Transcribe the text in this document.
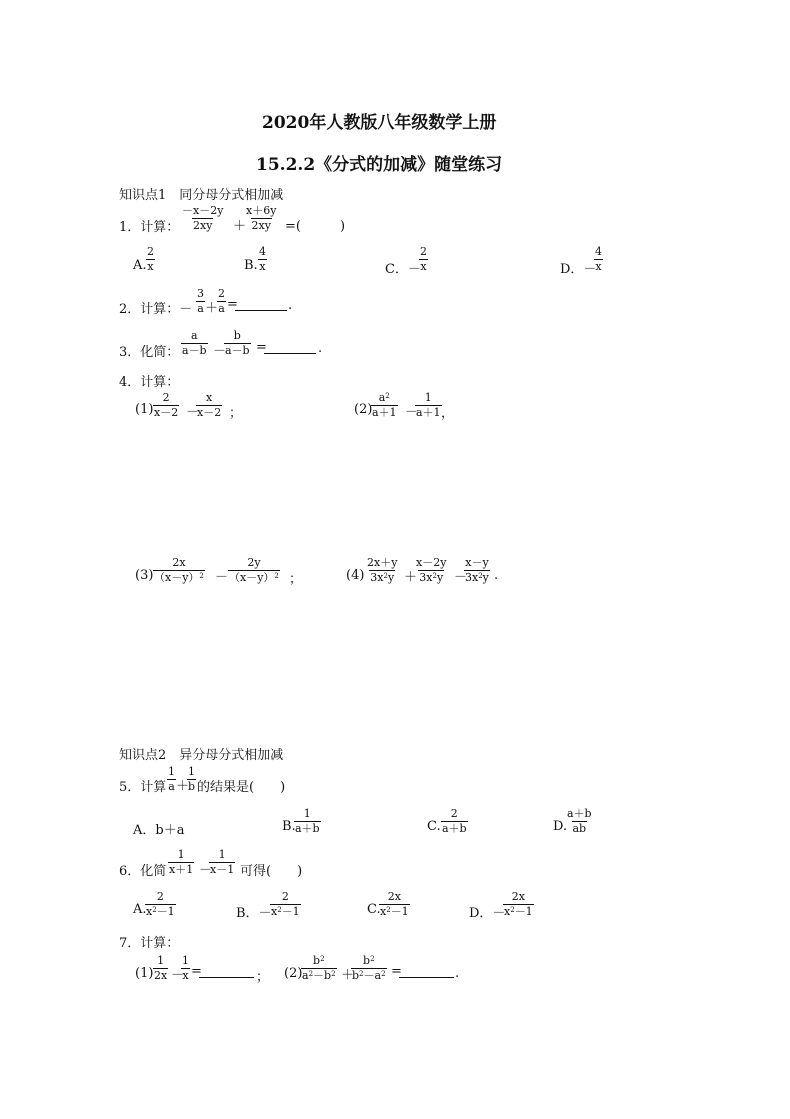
2020年人教版八年级数学上册
15.2.2《分式的加减》随堂练习
知识点1　同分母分式相加减
1．计算： $\frac{-x-2y}{2xy}$ ＋
$\frac{x+6y}{2xy}$ =(　　　)
A. $\frac{2}{x}$	B. $\frac{4}{x}$	C．－
$\frac{2}{x}$	D．－
$\frac{4}{x}$
2．计算：－ $\frac{3}{a}$ ＋
$\frac{2}{a}$ =	.
3．化简： $\frac{a}{a-b}$ －
$\frac{b}{a-b}$ =	.
4．计算：
$(1) \frac{2}{x-2}$ －
$\frac{x}{x-2}$ ；	(2)
$\frac{a^2}{a+1}$ －
$\frac{1}{a+1}$ ，
$(3) \frac{2x}{(x-y)^2} - \frac{2y}{(x-y)^2}$ ；	$(4) \frac{2x+y}{3x^2y}$ ＋
$\frac{x-2y}{3x^2y}$ －
$\frac{x-y}{3x^2y}$ .
知识点2　异分母分式相加减
5．计算 $\frac{1}{a}$ ＋
$\frac{1}{b}$ 的结果是(　　)
A．b＋a	B.
$\frac{1}{a+b}$	C. $\frac{2}{a+b}$	D.
$\frac{a+b}{ab}$
6．化简 $\frac{1}{x+1}$ －
$\frac{1}{x-1}$ 可得(　　)
A.
$\frac{2}{x^2-1}$	B．－
$\frac{2}{x^2-1}$	C.
$\frac{2x}{x^2-1}$	D．－
$\frac{2x}{x^2-1}$
7．计算：
$(1) \frac{1}{2x}$ －
$\frac{1}{x}$ =	； (2)
$\frac{b^2}{a^2-b^2}$ ＋
$\frac{b^2}{b^2-a^2}$ =	.
